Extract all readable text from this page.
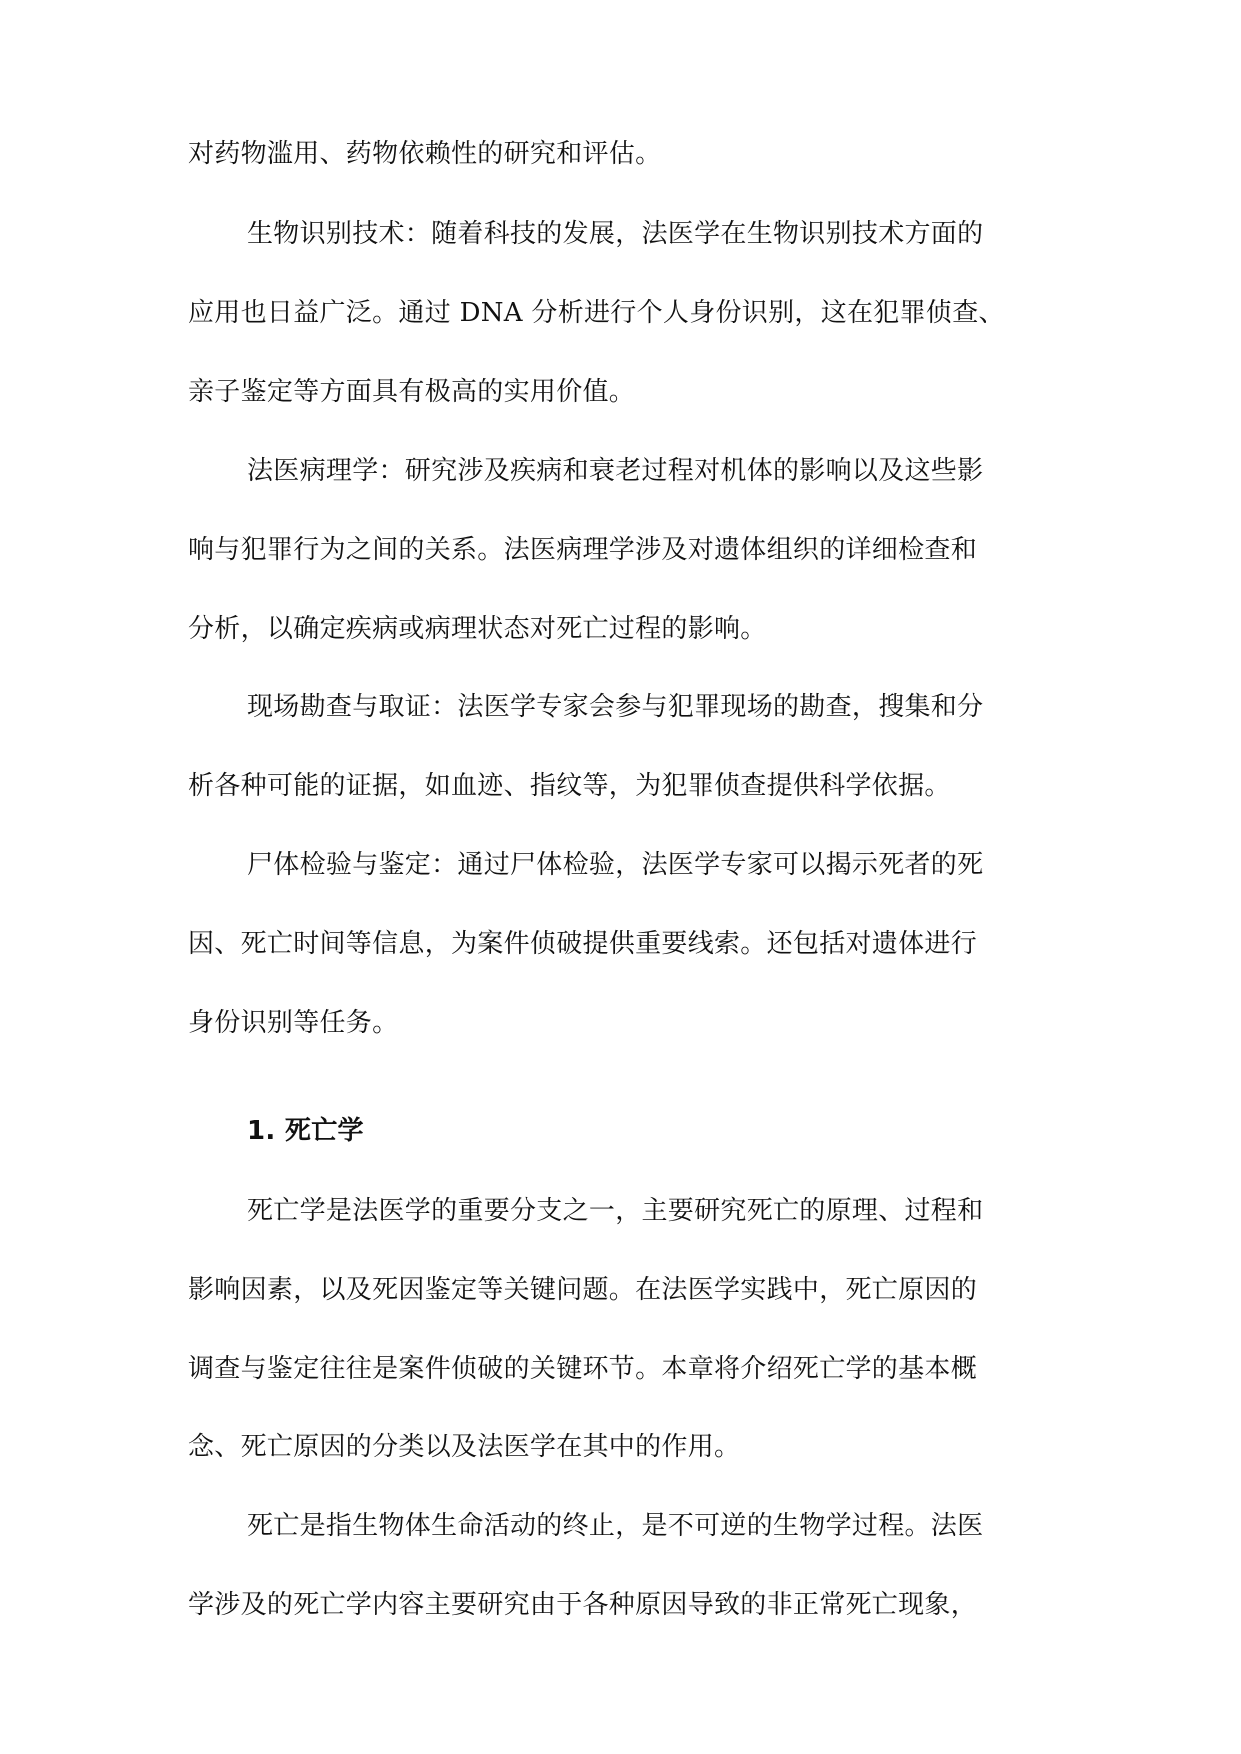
对药物滥用、药物依赖性的研究和评估。
生物识别技术：随着科技的发展，法医学在生物识别技术方面的
应用也日益广泛。通过 DNA 分析进行个人身份识别，这在犯罪侦查、
亲子鉴定等方面具有极高的实用价值。
法医病理学：研究涉及疾病和衰老过程对机体的影响以及这些影
响与犯罪行为之间的关系。法医病理学涉及对遗体组织的详细检查和
分析，以确定疾病或病理状态对死亡过程的影响。
现场勘查与取证：法医学专家会参与犯罪现场的勘查，搜集和分
析各种可能的证据，如血迹、指纹等，为犯罪侦查提供科学依据。
尸体检验与鉴定：通过尸体检验，法医学专家可以揭示死者的死
因、死亡时间等信息，为案件侦破提供重要线索。还包括对遗体进行
身份识别等任务。
1. 死亡学
死亡学是法医学的重要分支之一，主要研究死亡的原理、过程和
影响因素，以及死因鉴定等关键问题。在法医学实践中，死亡原因的
调查与鉴定往往是案件侦破的关键环节。本章将介绍死亡学的基本概
念、死亡原因的分类以及法医学在其中的作用。
死亡是指生物体生命活动的终止，是不可逆的生物学过程。法医
学涉及的死亡学内容主要研究由于各种原因导致的非正常死亡现象，
